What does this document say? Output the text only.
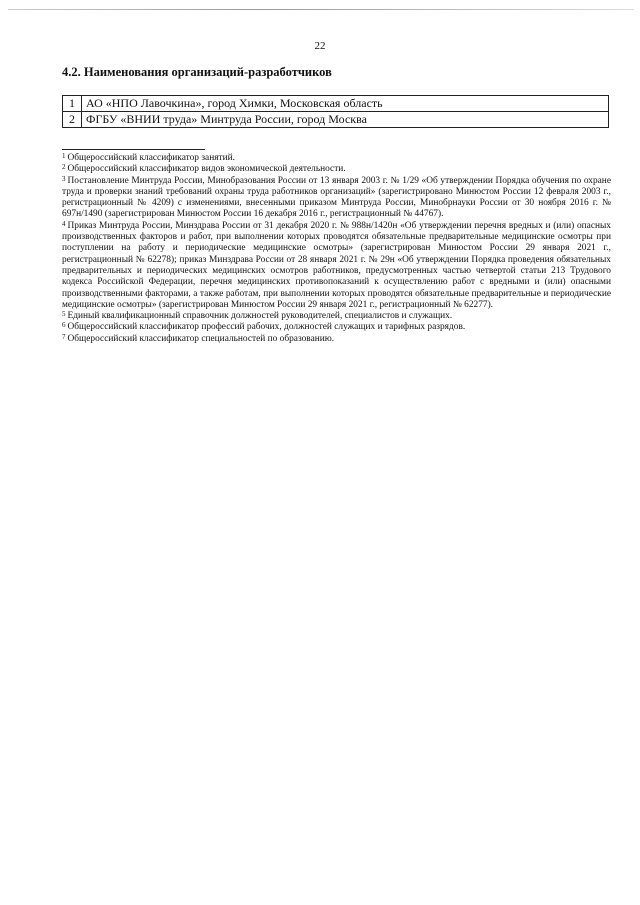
22
4.2. Наименования организаций-разработчиков
1	АО «НПО Лавочкина», город Химки, Московская область
2	ФГБУ «ВНИИ труда» Минтруда России, город Москва

$^1$ Общероссийский классификатор занятий.

$^2$ Общероссийский классификатор видов экономической деятельности.

$^3$ Постановление Минтруда России, Минобразования России от 13 января 2003 г. № 1/29 «Об утверждении Порядка обучения по охране труда и проверки знаний требований охраны труда работников организаций» (зарегистрировано Минюстом России 12 февраля 2003 г., регистрационный № 4209) с изменениями, внесенными приказом Минтруда России, Минобрнауки России от 30 ноября 2016 г. № 697н/1490 (зарегистрирован Минюстом России 16 декабря 2016 г., регистрационный № 44767).

$^4$ Приказ Минтруда России, Минздрава России от 31 декабря 2020 г. № 988н/1420н «Об утверждении перечня вредных и (или) опасных производственных факторов и работ, при выполнении которых проводятся обязательные предварительные медицинские осмотры при поступлении на работу и периодические медицинские осмотры» (зарегистрирован Минюстом России 29 января 2021 г., регистрационный № 62278); приказ Минздрава России от 28 января 2021 г. № 29н «Об утверждении Порядка проведения обязательных предварительных и периодических медицинских осмотров работников, предусмотренных частью четвертой статьи 213 Трудового кодекса Российской Федерации, перечня медицинских противопоказаний к осуществлению работ с вредными и (или) опасными производственными факторами, а также работам, при выполнении которых проводятся обязательные предварительные и периодические медицинские осмотры» (зарегистрирован Минюстом России 29 января 2021 г., регистрационный № 62277).

$^5$ Единый квалификационный справочник должностей руководителей, специалистов и служащих.

$^6$ Общероссийский классификатор профессий рабочих, должностей служащих и тарифных разрядов.

$^7$ Общероссийский классификатор специальностей по образованию.
